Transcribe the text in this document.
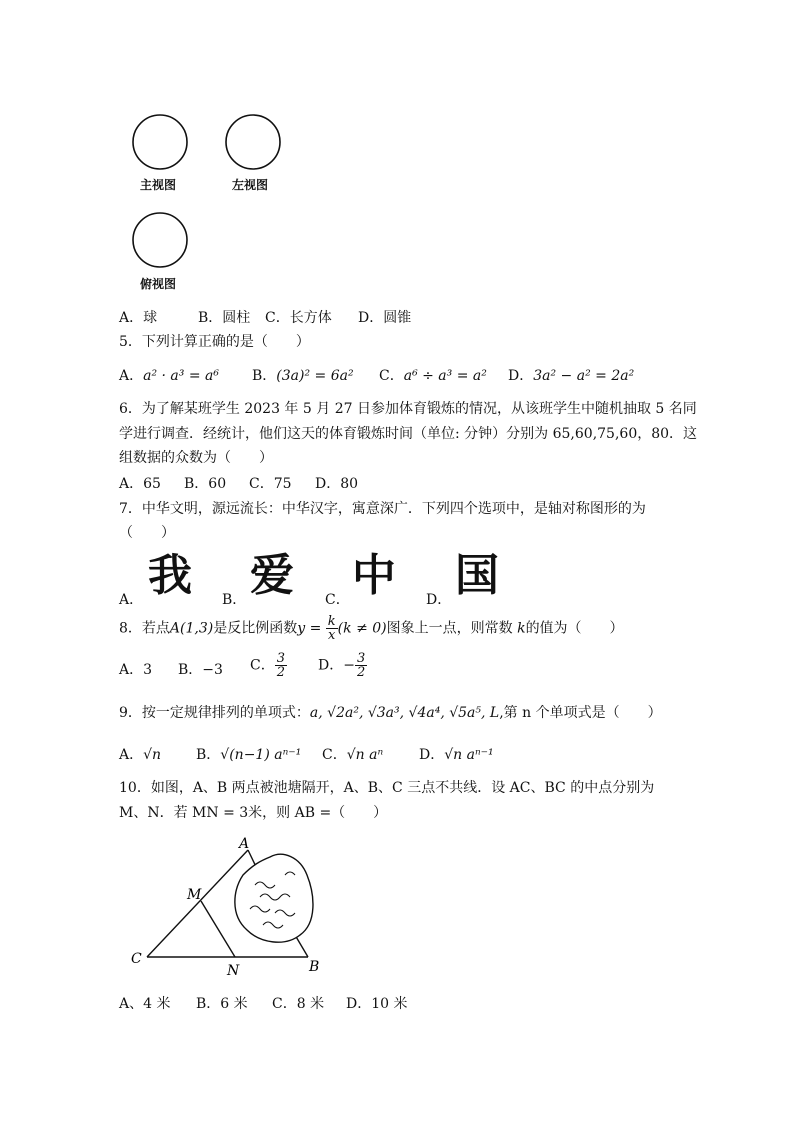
主视图	左视图
俯视图
A．球	B．圆柱 C．长方体 D．圆锥
5．下列计算正确的是（　　）
A．a² · a³ = a⁶ B．(3a)² = 6a² C．a⁶ ÷ a³ = a² D．3a² − a² = 2a²
6．为了解某班学生 2023 年 5 月 27 日参加体育锻炼的情况，从该班学生中随机抽取 5 名同
学进行调查．经统计，他们这天的体育锻炼时间（单位: 分钟）分别为 65,60,75,60，80．这
组数据的众数为（　　）
A．65 B．60 C．75 D．80
7．中华文明，源远流长：中华汉字，寓意深广．下列四个选项中，是轴对称图形的为
（　　）
A． 我 B． 爱 C． 中 D． 国
8．若点A(1,3)是反比例函数$y = \frac{k}{x} (k \ne 0)$图象上一点，则常数 k的值为（　　）
A．3 B．−3 C． $\frac{3}{2}$ D．− $\frac{3}{2}$
9．按一定规律排列的单项式：a, √2a², √3a³, √4a⁴, √5a⁵, L,第 n 个单项式是（　　）
A．√n B．√(n−1) aⁿ⁻¹ C．√n aⁿ	D．√n aⁿ⁻¹
10．如图，A、B 两点被池塘隔开，A、B、C 三点不共线．设 AC、BC 的中点分别为
M、N．若 MN = 3米，则 AB =（　　）
A
M
C
N	B
A、4 米 B．6 米 C．8 米 D．10 米
